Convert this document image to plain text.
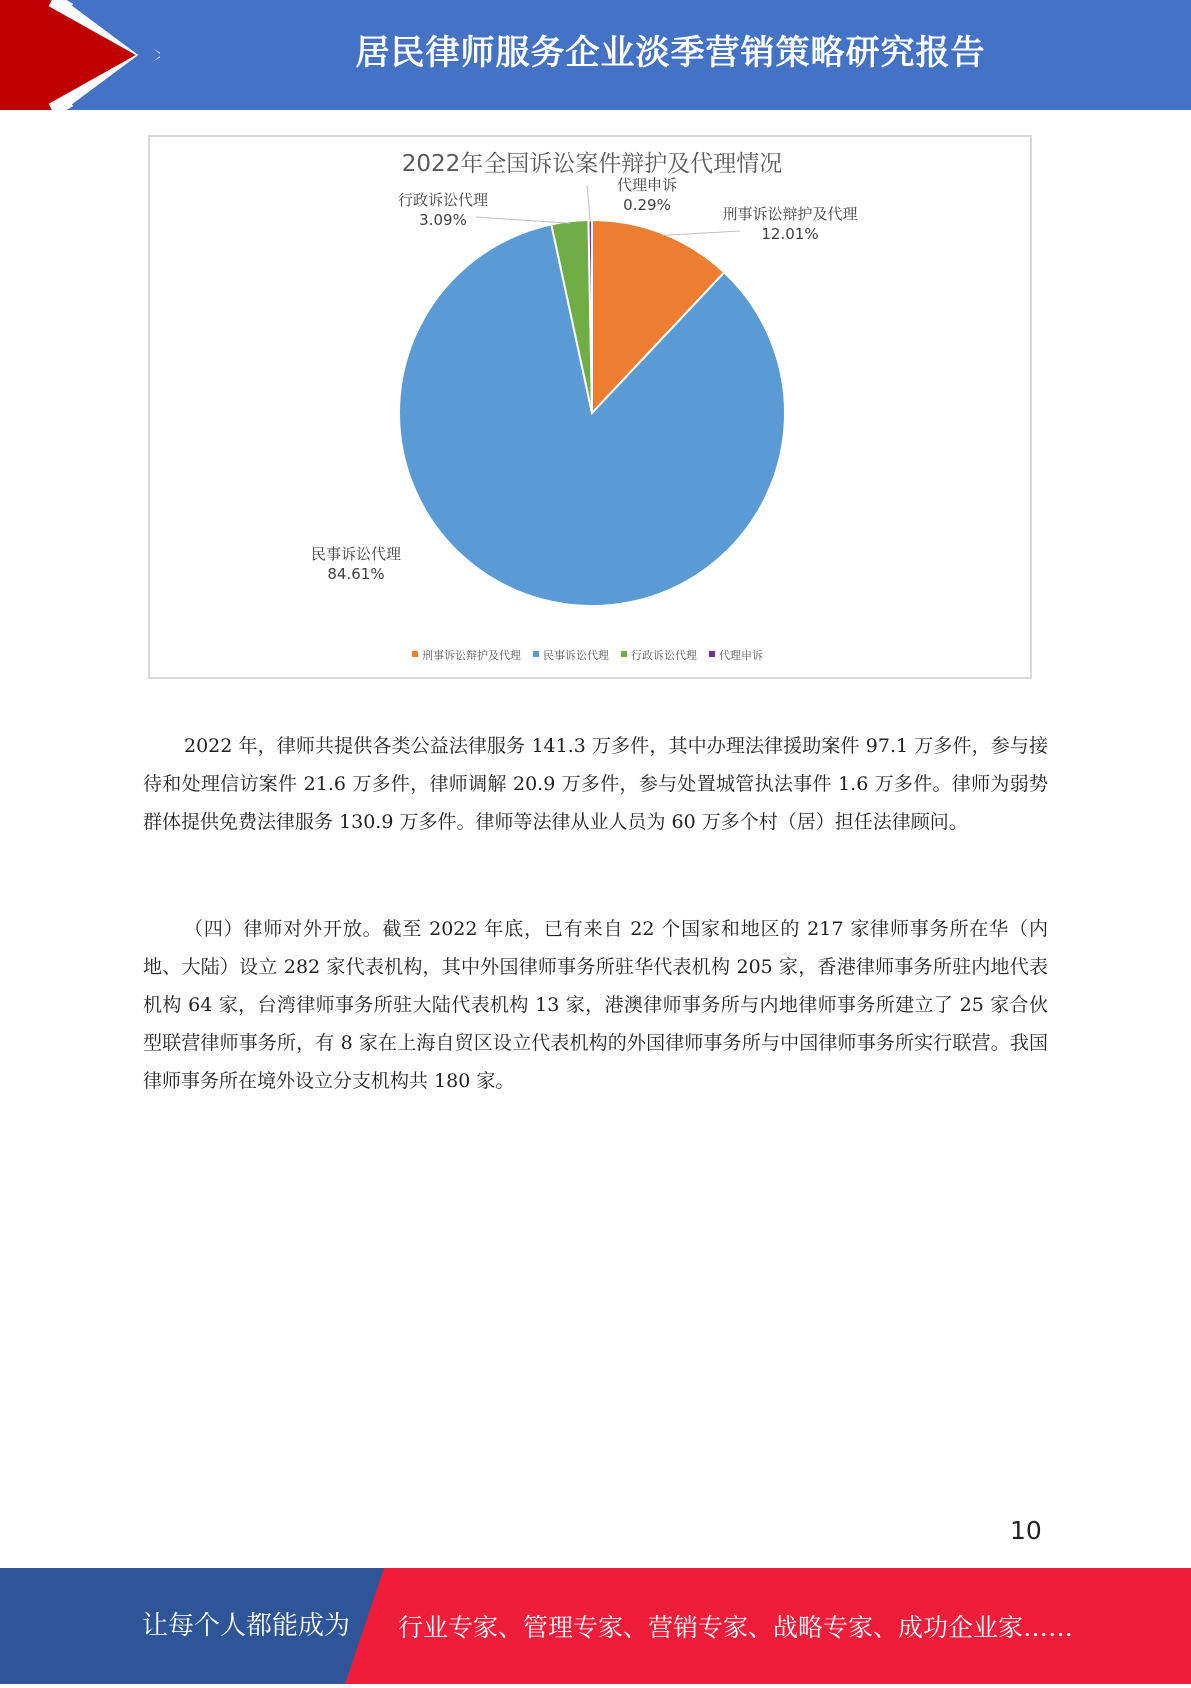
居民律师服务企业淡季营销策略研究报告
2022年全国诉讼案件辩护及代理情况
刑事诉讼辩护及代理
12.01%
民事诉讼代理
84.61%
行政诉讼代理
3.09%
代理申诉
0.29%
刑事诉讼辩护及代理 民事诉讼代理 行政诉讼代理 代理申诉

2022 年，律师共提供各类公益法律服务 141.3 万多件，其中办理法律援助案件 97.1 万多件，参与接待和处理信访案件 21.6 万多件，律师调解 20.9 万多件，参与处置城管执法事件 1.6 万多件。律师为弱势群体提供免费法律服务 130.9 万多件。律师等法律从业人员为 60 万多个村（居）担任法律顾问。

（四）律师对外开放。截至 2022 年底，已有来自 22 个国家和地区的 217 家律师事务所在华（内地、大陆）设立 282 家代表机构，其中外国律师事务所驻华代表机构 205 家，香港律师事务所驻内地代表机构 64 家，台湾律师事务所驻大陆代表机构 13 家，港澳律师事务所与内地律师事务所建立了 25 家合伙型联营律师事务所，有 8 家在上海自贸区设立代表机构的外国律师事务所与中国律师事务所实行联营。我国律师事务所在境外设立分支机构共 180 家。

10
让每个人都能成为 行业专家、管理专家、营销专家、战略专家、成功企业家……
